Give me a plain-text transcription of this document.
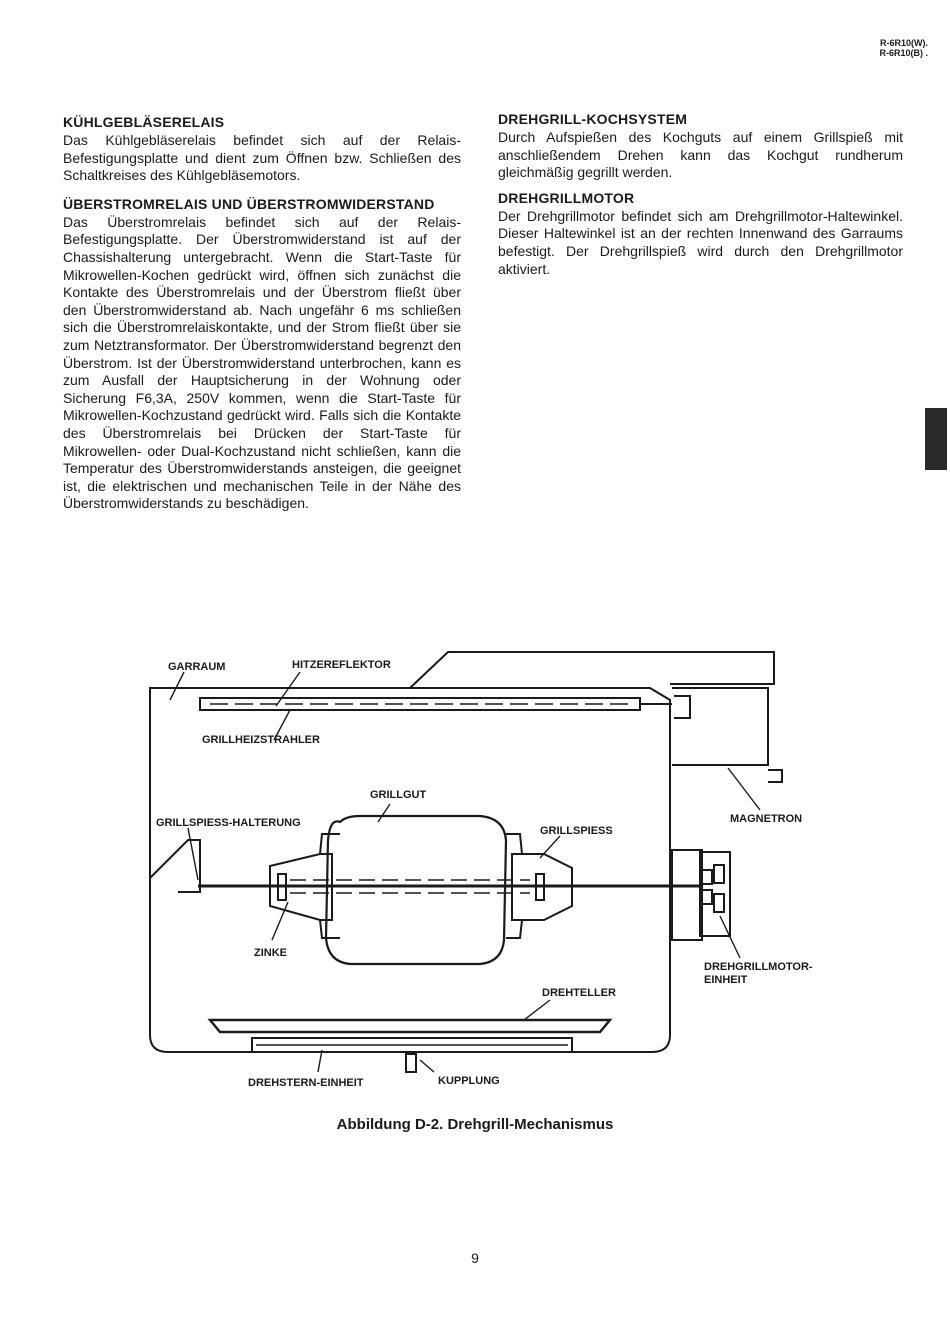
R-6R10(W).
R-6R10(B) .
KÜHLGEBLÄSERELAIS

Das Kühlgebläserelais befindet sich auf der Relais-Befestigungsplatte und dient zum Öffnen bzw. Schließen des Schaltkreises des Kühlgebläsemotors.

ÜBERSTROMRELAIS UND ÜBERSTROMWIDERSTAND

Das Überstromrelais befindet sich auf der Relais-Befestigungsplatte. Der Überstromwiderstand ist auf der Chassishalterung untergebracht. Wenn die Start-Taste für Mikrowellen-Kochen gedrückt wird, öffnen sich zunächst die Kontakte des Überstromrelais und der Überstrom fließt über den Überstromwiderstand ab. Nach ungefähr 6 ms schließen sich die Überstromrelaiskontakte, und der Strom fließt über sie zum Netztransformator. Der Überstromwiderstand begrenzt den Überstrom. Ist der Überstromwiderstand unterbrochen, kann es zum Ausfall der Hauptsicherung in der Wohnung oder Sicherung F6,3A, 250V kommen, wenn die Start-Taste für Mikrowellen-Kochzustand gedrückt wird. Falls sich die Kontakte des Überstromrelais bei Drücken der Start-Taste für Mikrowellen- oder Dual-Kochzustand nicht schließen, kann die Temperatur des Überstromwiderstands ansteigen, die geeignet ist, die elektrischen und mechanischen Teile in der Nähe des Überstromwiderstands zu beschädigen.

DREHGRILL-KOCHSYSTEM

Durch Aufspießen des Kochguts auf einem Grillspieß mit anschließendem Drehen kann das Kochgut rundherum gleichmäßig gegrillt werden.

DREHGRILLMOTOR

Der Drehgrillmotor befindet sich am Drehgrillmotor-Haltewinkel. Dieser Haltewinkel ist an der rechten Innenwand des Garraums befestigt. Der Drehgrillspieß wird durch den Drehgrillmotor aktiviert.

GARRAUM	HITZEREFLEKTOR
GRILLHEIZSTRAHLER
GRILLGUT
GRILLSPIESS-HALTERUNG
GRILLSPIESS
MAGNETRON
ZINKE
DREHGRILLMOTOR-
EINHEIT
DREHTELLER
DREHSTERN-EINHEIT	KUPPLUNG
Abbildung D-2. Drehgrill-Mechanismus
9
